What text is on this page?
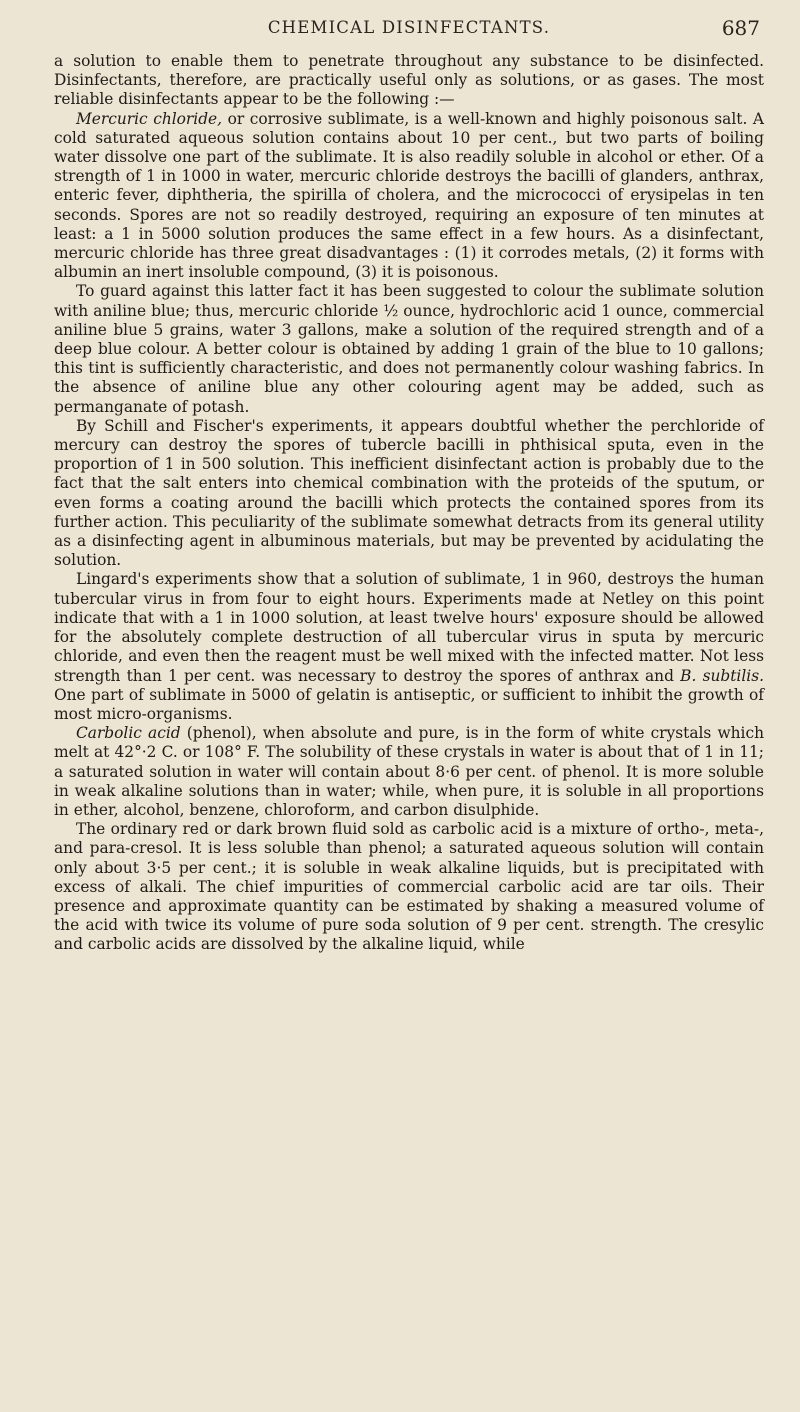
CHEMICAL DISINFECTANTS.	687

a solution to enable them to penetrate throughout any substance to be disinfected. Disinfectants, therefore, are practically useful only as solutions, or as gases. The most reliable disinfectants appear to be the following :—

Mercuric chloride, or corrosive sublimate, is a well-known and highly poisonous salt. A cold saturated aqueous solution contains about 10 per cent., but two parts of boiling water dissolve one part of the sublimate. It is also readily soluble in alcohol or ether. Of a strength of 1 in 1000 in water, mercuric chloride destroys the bacilli of glanders, anthrax, enteric fever, diphtheria, the spirilla of cholera, and the micrococci of erysipelas in ten seconds. Spores are not so readily destroyed, requiring an exposure of ten minutes at least: a 1 in 5000 solution produces the same effect in a few hours. As a disinfectant, mercuric chloride has three great disadvantages : (1) it corrodes metals, (2) it forms with albumin an inert insoluble compound, (3) it is poisonous.

To guard against this latter fact it has been suggested to colour the sublimate solution with aniline blue; thus, mercuric chloride ½ ounce, hydrochloric acid 1 ounce, commercial aniline blue 5 grains, water 3 gallons, make a solution of the required strength and of a deep blue colour. A better colour is obtained by adding 1 grain of the blue to 10 gallons; this tint is sufficiently characteristic, and does not permanently colour washing fabrics. In the absence of aniline blue any other colouring agent may be added, such as permanganate of potash.

By Schill and Fischer's experiments, it appears doubtful whether the perchloride of mercury can destroy the spores of tubercle bacilli in phthisical sputa, even in the proportion of 1 in 500 solution. This inefficient disinfectant action is probably due to the fact that the salt enters into chemical combination with the proteids of the sputum, or even forms a coating around the bacilli which protects the contained spores from its further action. This peculiarity of the sublimate somewhat detracts from its general utility as a disinfecting agent in albuminous materials, but may be prevented by acidulating the solution.

Lingard's experiments show that a solution of sublimate, 1 in 960, destroys the human tubercular virus in from four to eight hours. Experiments made at Netley on this point indicate that with a 1 in 1000 solution, at least twelve hours' exposure should be allowed for the absolutely complete destruction of all tubercular virus in sputa by mercuric chloride, and even then the reagent must be well mixed with the infected matter. Not less strength than 1 per cent. was necessary to destroy the spores of anthrax and B. subtilis. One part of sublimate in 5000 of gelatin is antiseptic, or sufficient to inhibit the growth of most micro-organisms.

Carbolic acid (phenol), when absolute and pure, is in the form of white crystals which melt at 42°·2 C. or 108° F. The solubility of these crystals in water is about that of 1 in 11; a saturated solution in water will contain about 8·6 per cent. of phenol. It is more soluble in weak alkaline solutions than in water; while, when pure, it is soluble in all proportions in ether, alcohol, benzene, chloroform, and carbon disulphide.

The ordinary red or dark brown fluid sold as carbolic acid is a mixture of ortho-, meta-, and para-cresol. It is less soluble than phenol; a saturated aqueous solution will contain only about 3·5 per cent.; it is soluble in weak alkaline liquids, but is precipitated with excess of alkali. The chief impurities of commercial carbolic acid are tar oils. Their presence and approximate quantity can be estimated by shaking a measured volume of the acid with twice its volume of pure soda solution of 9 per cent. strength. The cresylic and carbolic acids are dissolved by the alkaline liquid, while
